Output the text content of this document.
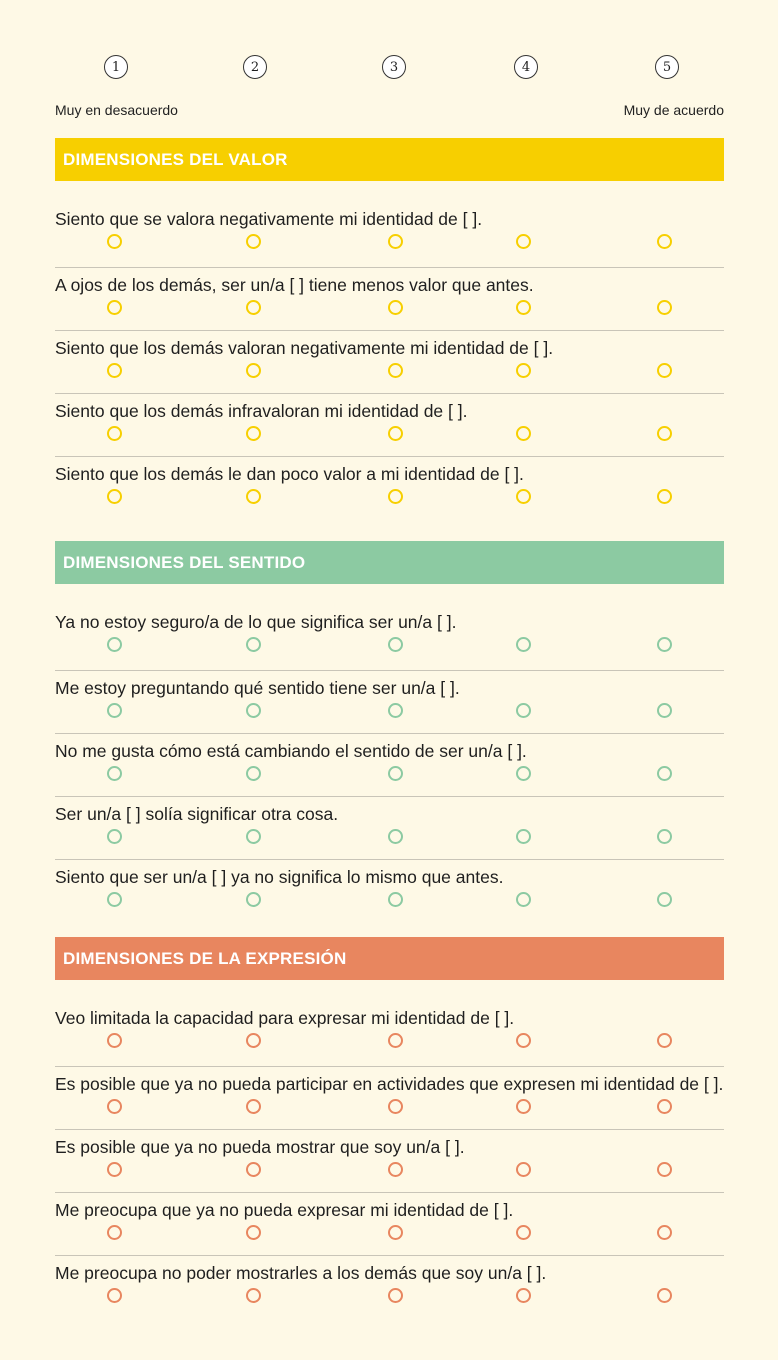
1	2	3	4	5
Muy en desacuerdo	Muy de acuerdo
DIMENSIONES DEL VALOR
Siento que se valora negativamente mi identidad de [ ].
A ojos de los demás, ser un/a [ ] tiene menos valor que antes.
Siento que los demás valoran negativamente mi identidad de [ ].
Siento que los demás infravaloran mi identidad de [ ].
Siento que los demás le dan poco valor a mi identidad de [ ].
DIMENSIONES DEL SENTIDO
Ya no estoy seguro/a de lo que significa ser un/a [ ].
Me estoy preguntando qué sentido tiene ser un/a [ ].
No me gusta cómo está cambiando el sentido de ser un/a [ ].
Ser un/a [ ] solía significar otra cosa.
Siento que ser un/a [ ] ya no significa lo mismo que antes.
DIMENSIONES DE LA EXPRESIÓN
Veo limitada la capacidad para expresar mi identidad de [ ].
Es posible que ya no pueda participar en actividades que expresen mi identidad de [ ].
Es posible que ya no pueda mostrar que soy un/a [ ].
Me preocupa que ya no pueda expresar mi identidad de [ ].
Me preocupa no poder mostrarles a los demás que soy un/a [ ].
